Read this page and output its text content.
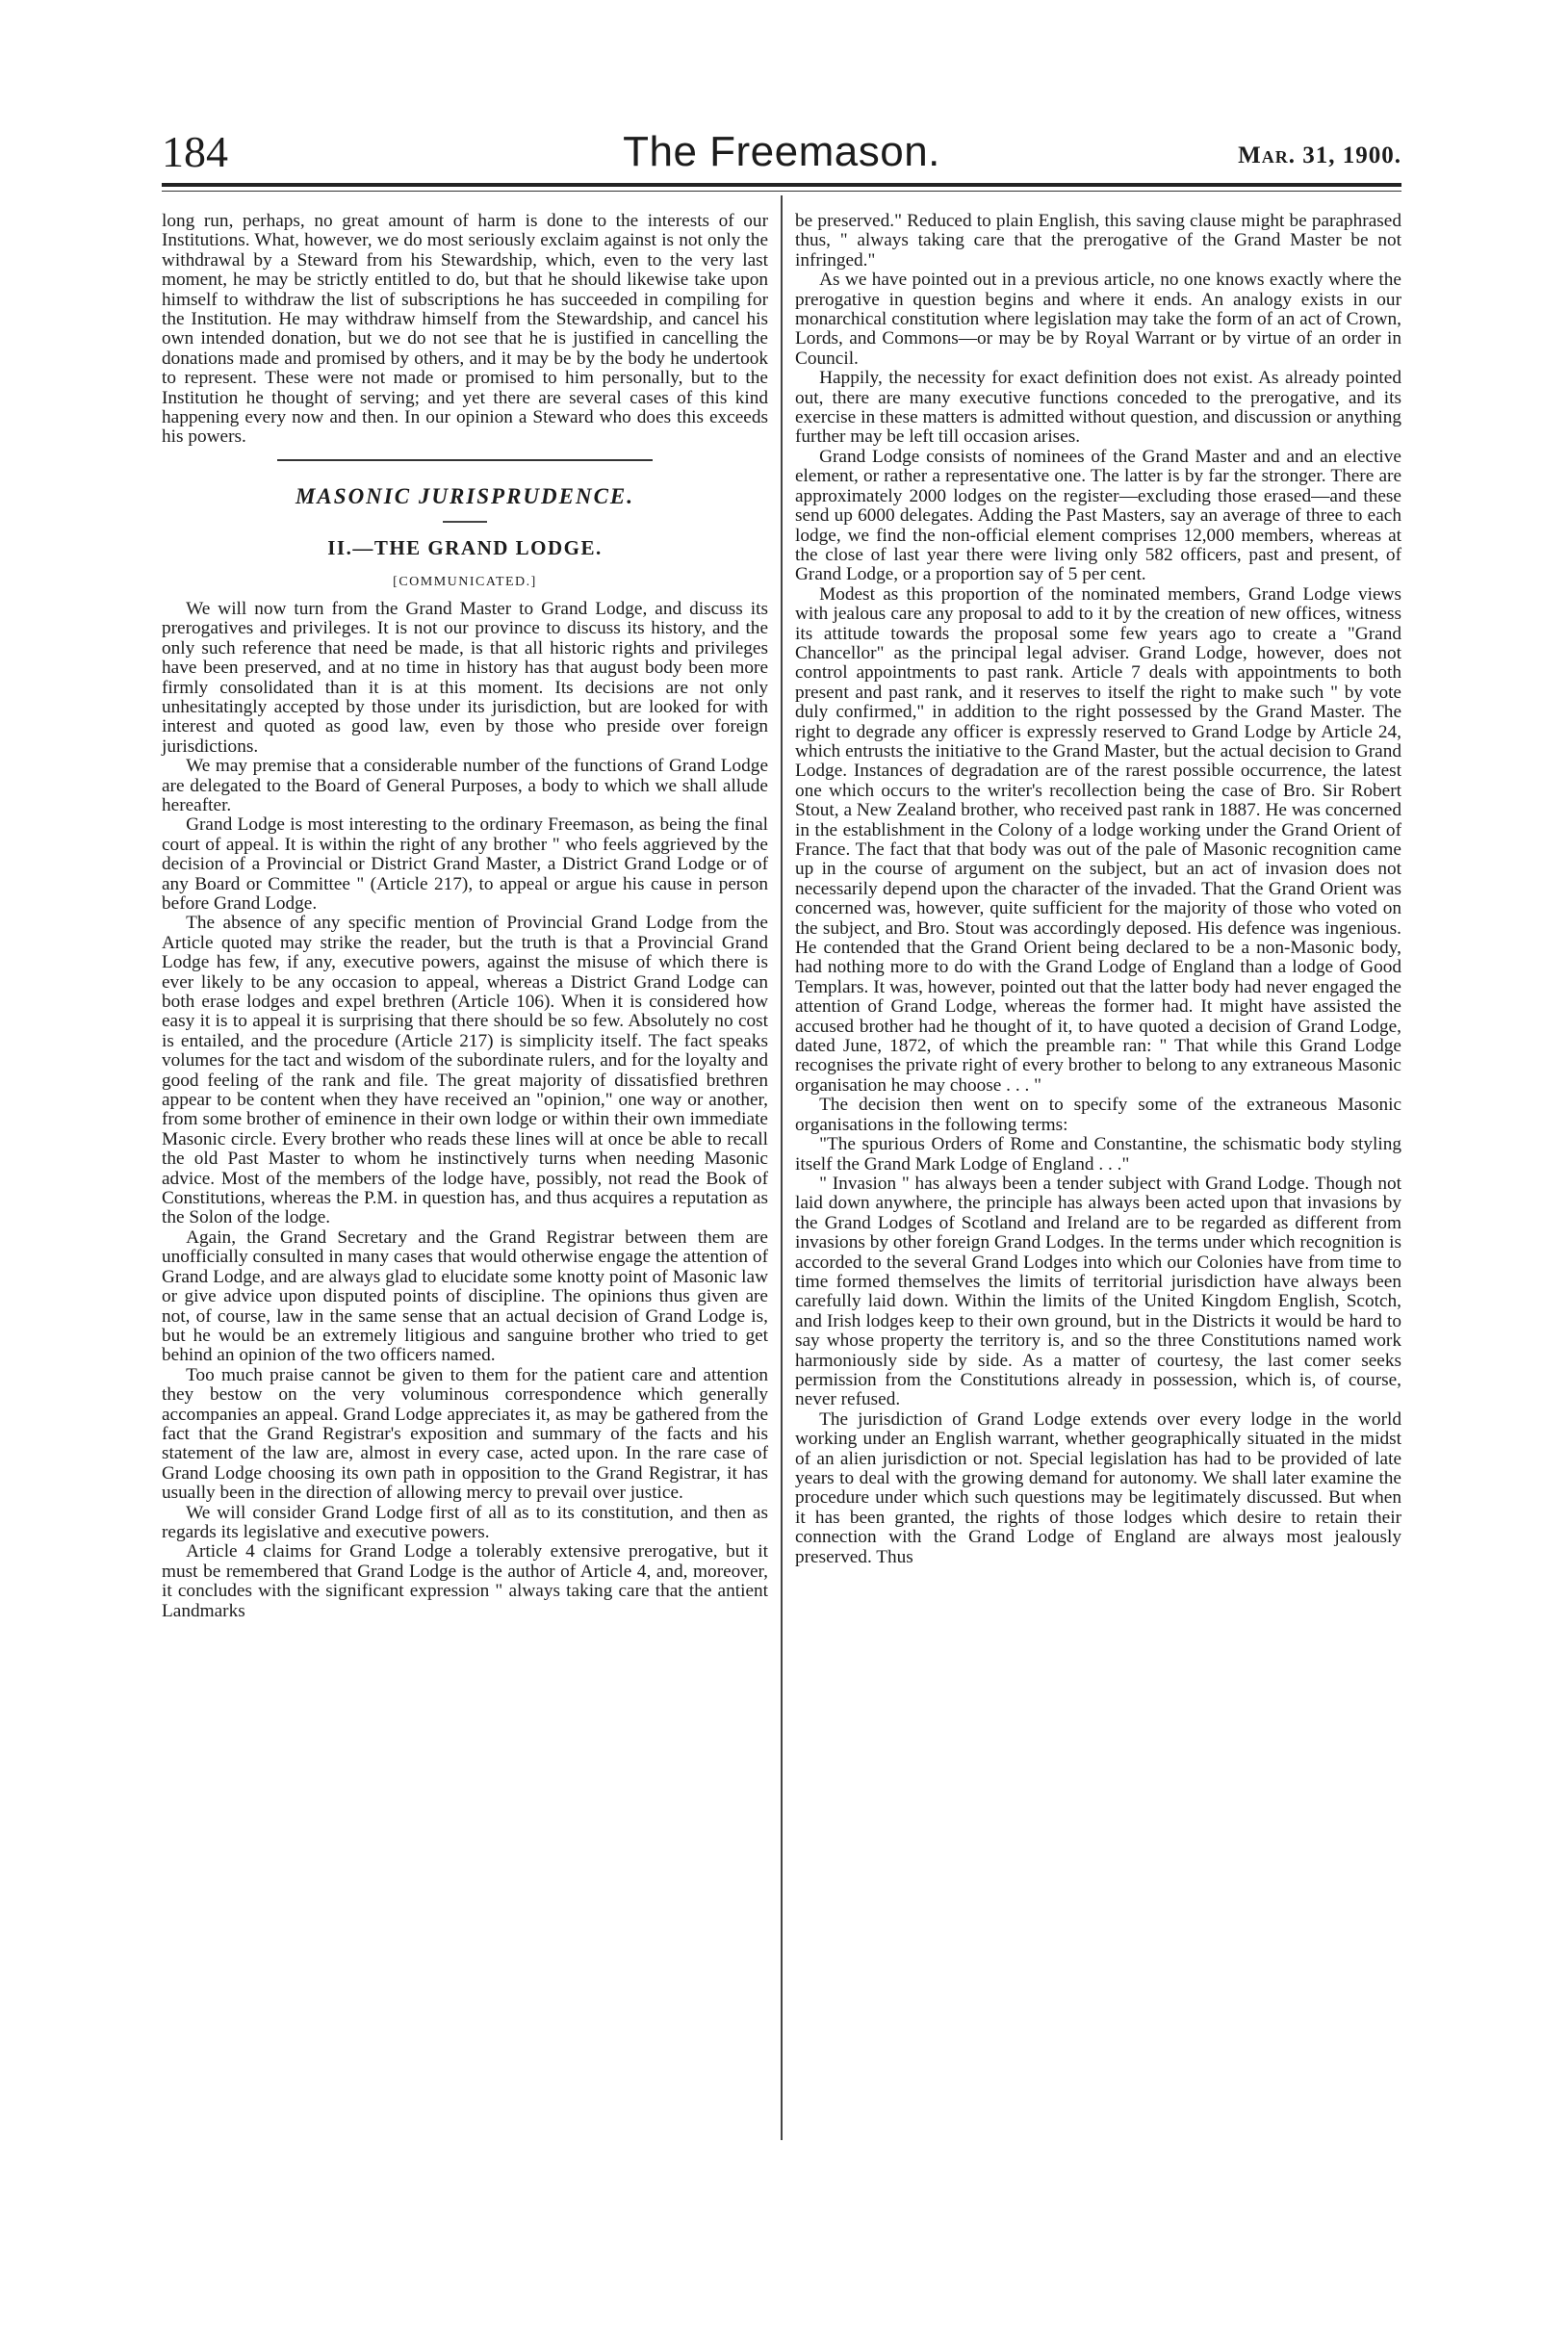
184	The Freemason.	Mar. 31, 1900.

long run, perhaps, no great amount of harm is done to the interests of our Institutions. What, however, we do most seriously exclaim against is not only the withdrawal by a Steward from his Stewardship, which, even to the very last moment, he may be strictly entitled to do, but that he should likewise take upon himself to withdraw the list of subscriptions he has succeeded in compiling for the Institution. He may withdraw himself from the Stewardship, and cancel his own intended donation, but we do not see that he is justified in cancelling the donations made and promised by others, and it may be by the body he undertook to represent. These were not made or promised to him personally, but to the Institution he thought of serving; and yet there are several cases of this kind happening every now and then. In our opinion a Steward who does this exceeds his powers.

MASONIC JURISPRUDENCE.
II.—THE GRAND LODGE.
[COMMUNICATED.]

We will now turn from the Grand Master to Grand Lodge, and discuss its prerogatives and privileges. It is not our province to discuss its history, and the only such reference that need be made, is that all historic rights and privileges have been preserved, and at no time in history has that august body been more firmly consolidated than it is at this moment. Its decisions are not only unhesitatingly accepted by those under its jurisdiction, but are looked for with interest and quoted as good law, even by those who preside over foreign jurisdictions.

We may premise that a considerable number of the functions of Grand Lodge are delegated to the Board of General Purposes, a body to which we shall allude hereafter.

Grand Lodge is most interesting to the ordinary Freemason, as being the final court of appeal. It is within the right of any brother " who feels aggrieved by the decision of a Provincial or District Grand Master, a District Grand Lodge or of any Board or Committee " (Article 217), to appeal or argue his cause in person before Grand Lodge.

The absence of any specific mention of Provincial Grand Lodge from the Article quoted may strike the reader, but the truth is that a Provincial Grand Lodge has few, if any, executive powers, against the misuse of which there is ever likely to be any occasion to appeal, whereas a District Grand Lodge can both erase lodges and expel brethren (Article 106). When it is considered how easy it is to appeal it is surprising that there should be so few. Absolutely no cost is entailed, and the procedure (Article 217) is simplicity itself. The fact speaks volumes for the tact and wisdom of the subordinate rulers, and for the loyalty and good feeling of the rank and file. The great majority of dissatisfied brethren appear to be content when they have received an "opinion," one way or another, from some brother of eminence in their own lodge or within their own immediate Masonic circle. Every brother who reads these lines will at once be able to recall the old Past Master to whom he instinctively turns when needing Masonic advice. Most of the members of the lodge have, possibly, not read the Book of Constitutions, whereas the P.M. in question has, and thus acquires a reputation as the Solon of the lodge.

Again, the Grand Secretary and the Grand Registrar between them are unofficially consulted in many cases that would otherwise engage the attention of Grand Lodge, and are always glad to elucidate some knotty point of Masonic law or give advice upon disputed points of discipline. The opinions thus given are not, of course, law in the same sense that an actual decision of Grand Lodge is, but he would be an extremely litigious and sanguine brother who tried to get behind an opinion of the two officers named.

Too much praise cannot be given to them for the patient care and attention they bestow on the very voluminous correspondence which generally accompanies an appeal. Grand Lodge appreciates it, as may be gathered from the fact that the Grand Registrar's exposition and summary of the facts and his statement of the law are, almost in every case, acted upon. In the rare case of Grand Lodge choosing its own path in opposition to the Grand Registrar, it has usually been in the direction of allowing mercy to prevail over justice.

We will consider Grand Lodge first of all as to its constitution, and then as regards its legislative and executive powers.

Article 4 claims for Grand Lodge a tolerably extensive prerogative, but it must be remembered that Grand Lodge is the author of Article 4, and, moreover, it concludes with the significant expression " always taking care that the antient Landmarks

be preserved." Reduced to plain English, this saving clause might be paraphrased thus, " always taking care that the prerogative of the Grand Master be not infringed."

As we have pointed out in a previous article, no one knows exactly where the prerogative in question begins and where it ends. An analogy exists in our monarchical constitution where legislation may take the form of an act of Crown, Lords, and Commons—or may be by Royal Warrant or by virtue of an order in Council.

Happily, the necessity for exact definition does not exist. As already pointed out, there are many executive functions conceded to the prerogative, and its exercise in these matters is admitted without question, and discussion or anything further may be left till occasion arises.

Grand Lodge consists of nominees of the Grand Master and and an elective element, or rather a representative one. The latter is by far the stronger. There are approximately 2000 lodges on the register—excluding those erased—and these send up 6000 delegates. Adding the Past Masters, say an average of three to each lodge, we find the non-official element comprises 12,000 members, whereas at the close of last year there were living only 582 officers, past and present, of Grand Lodge, or a proportion say of 5 per cent.

Modest as this proportion of the nominated members, Grand Lodge views with jealous care any proposal to add to it by the creation of new offices, witness its attitude towards the proposal some few years ago to create a "Grand Chancellor" as the principal legal adviser. Grand Lodge, however, does not control appointments to past rank. Article 7 deals with appointments to both present and past rank, and it reserves to itself the right to make such " by vote duly confirmed," in addition to the right possessed by the Grand Master. The right to degrade any officer is expressly reserved to Grand Lodge by Article 24, which entrusts the initiative to the Grand Master, but the actual decision to Grand Lodge. Instances of degradation are of the rarest possible occurrence, the latest one which occurs to the writer's recollection being the case of Bro. Sir Robert Stout, a New Zealand brother, who received past rank in 1887. He was concerned in the establishment in the Colony of a lodge working under the Grand Orient of France. The fact that that body was out of the pale of Masonic recognition came up in the course of argument on the subject, but an act of invasion does not necessarily depend upon the character of the invaded. That the Grand Orient was concerned was, however, quite sufficient for the majority of those who voted on the subject, and Bro. Stout was accordingly deposed. His defence was ingenious. He contended that the Grand Orient being declared to be a non-Masonic body, had nothing more to do with the Grand Lodge of England than a lodge of Good Templars. It was, however, pointed out that the latter body had never engaged the attention of Grand Lodge, whereas the former had. It might have assisted the accused brother had he thought of it, to have quoted a decision of Grand Lodge, dated June, 1872, of which the preamble ran: " That while this Grand Lodge recognises the private right of every brother to belong to any extraneous Masonic organisation he may choose . . . "

The decision then went on to specify some of the extraneous Masonic organisations in the following terms:

"The spurious Orders of Rome and Constantine, the schismatic body styling itself the Grand Mark Lodge of England . . ."

" Invasion " has always been a tender subject with Grand Lodge. Though not laid down anywhere, the principle has always been acted upon that invasions by the Grand Lodges of Scotland and Ireland are to be regarded as different from invasions by other foreign Grand Lodges. In the terms under which recognition is accorded to the several Grand Lodges into which our Colonies have from time to time formed themselves the limits of territorial jurisdiction have always been carefully laid down. Within the limits of the United Kingdom English, Scotch, and Irish lodges keep to their own ground, but in the Districts it would be hard to say whose property the territory is, and so the three Constitutions named work harmoniously side by side. As a matter of courtesy, the last comer seeks permission from the Constitutions already in possession, which is, of course, never refused.

The jurisdiction of Grand Lodge extends over every lodge in the world working under an English warrant, whether geographically situated in the midst of an alien jurisdiction or not. Special legislation has had to be provided of late years to deal with the growing demand for autonomy. We shall later examine the procedure under which such questions may be legitimately discussed. But when it has been granted, the rights of those lodges which desire to retain their connection with the Grand Lodge of England are always most jealously preserved. Thus
